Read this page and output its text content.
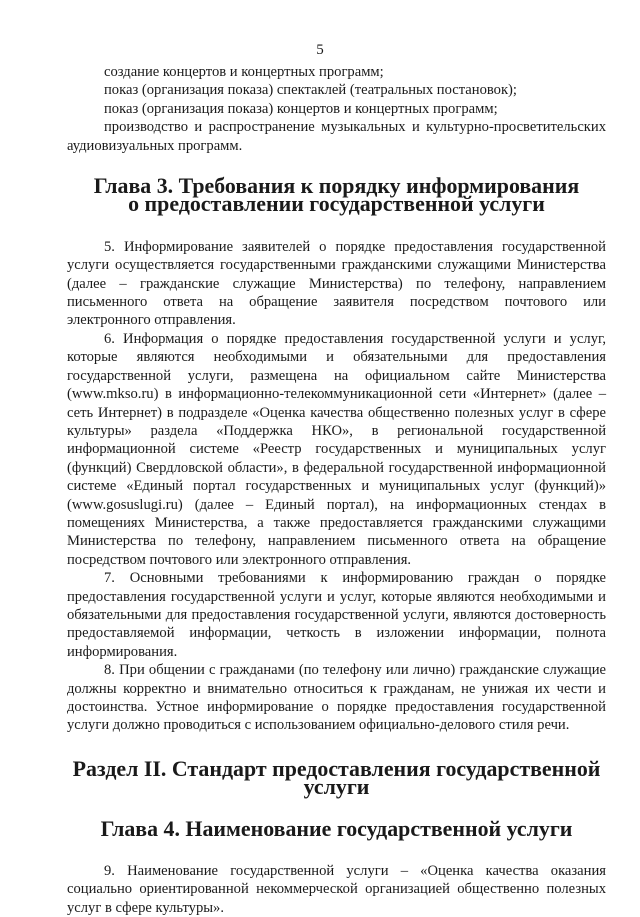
5

создание концертов и концертных программ;

показ (организация показа) спектаклей (театральных постановок);

показ (организация показа) концертов и концертных программ;

производство и распространение музыкальных и культурно-просветительских аудиовизуальных программ.

Глава 3. Требования к порядку информирования
о предоставлении государственной услуги

5. Информирование заявителей о порядке предоставления государственной услуги осуществляется государственными гражданскими служащими Министерства (далее – гражданские служащие Министерства) по телефону, направлением письменного ответа на обращение заявителя посредством почтового или электронного отправления.

6. Информация о порядке предоставления государственной услуги и услуг, которые являются необходимыми и обязательными для предоставления государственной услуги, размещена на официальном сайте Министерства (www.mkso.ru) в информационно-телекоммуникационной сети «Интернет» (далее – сеть Интернет) в подразделе «Оценка качества общественно полезных услуг в сфере культуры» раздела «Поддержка НКО», в региональной государственной информационной системе «Реестр государственных и муниципальных услуг (функций) Свердловской области», в федеральной государственной информационной системе «Единый портал государственных и муниципальных услуг (функций)» (www.gosuslugi.ru) (далее – Единый портал), на информационных стендах в помещениях Министерства, а также предоставляется гражданскими служащими Министерства по телефону, направлением письменного ответа на обращение посредством почтового или электронного отправления.

7. Основными требованиями к информированию граждан о порядке предоставления государственной услуги и услуг, которые являются необходимыми и обязательными для предоставления государственной услуги, являются достоверность предоставляемой информации, четкость в изложении информации, полнота информирования.

8. При общении с гражданами (по телефону или лично) гражданские служащие должны корректно и внимательно относиться к гражданам, не унижая их чести и достоинства. Устное информирование о порядке предоставления государственной услуги должно проводиться с использованием официально-делового стиля речи.

Раздел II. Стандарт предоставления государственной услуги
Глава 4. Наименование государственной услуги

9. Наименование государственной услуги – «Оценка качества оказания социально ориентированной некоммерческой организацией общественно полезных услуг в сфере культуры».
